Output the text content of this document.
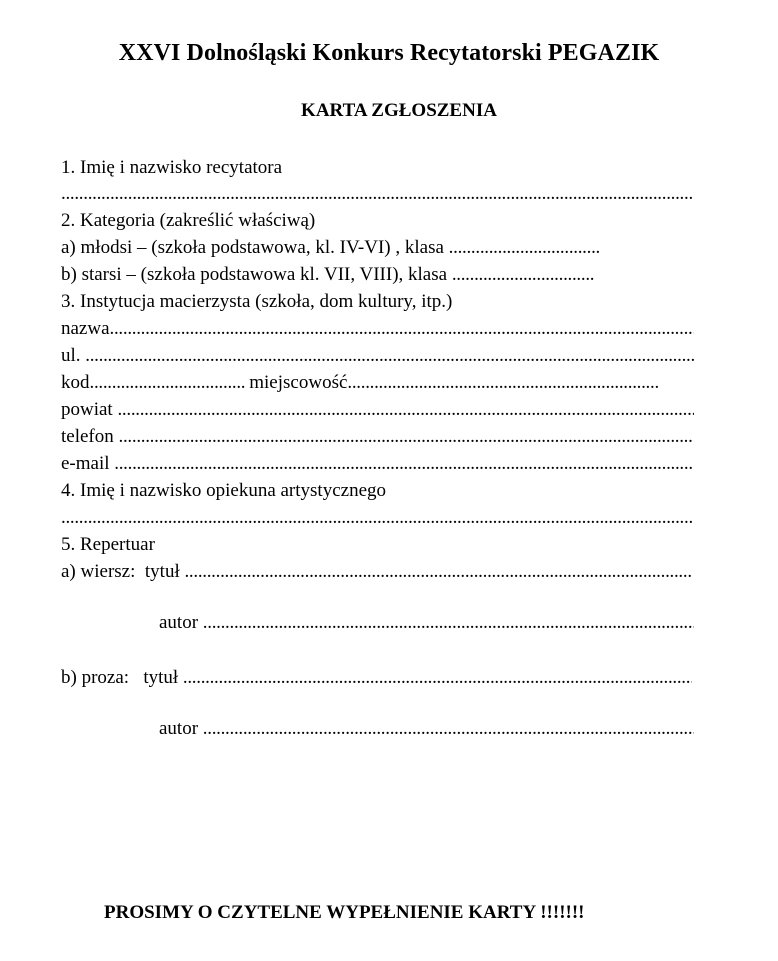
XXVI Dolnośląski Konkurs Recytatorski PEGAZIK
KARTA ZGŁOSZENIA
1. Imię i nazwisko recytatora
.....
2. Kategoria (zakreślić właściwą)
a) młodsi – (szkoła podstawowa, kl. IV-VI) , klasa .....
b) starsi – (szkoła podstawowa kl. VII, VIII), klasa .....
3. Instytucja macierzysta (szkoła, dom kultury, itp.)
nazwa
.....
ul.
.....
kod.....	miejscowość.....
powiat
.....
telefon
.....
e-mail
.....
4. Imię i nazwisko opiekuna artystycznego
.....
5. Repertuar
a) wiersz: tytuł
.....
autor
.....
b) proza: tytuł
.....
autor
.....
PROSIMY O CZYTELNE WYPEŁNIENIE KARTY !!!!!!!
